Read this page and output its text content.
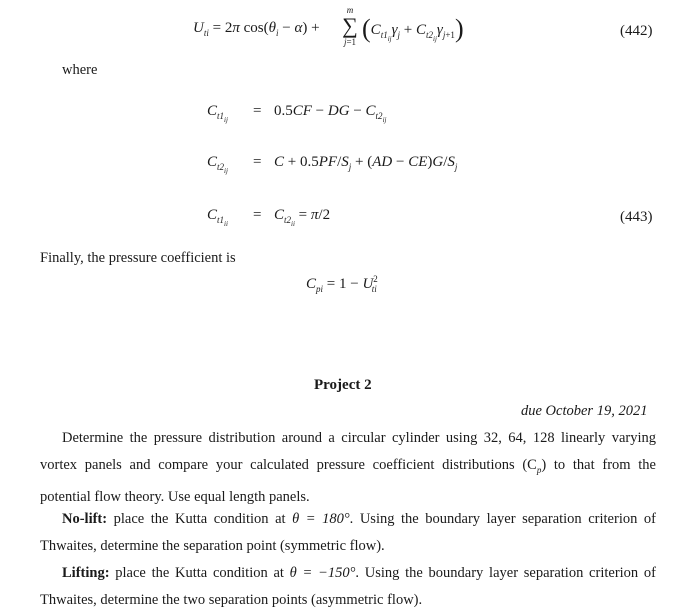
$U_{ti} = 2\pi$ $\cos(\theta_i - \alpha)$ +
m
∑
j=1 $(C_{t1_{ij}}\gamma_j + C_{t2_{ij}}\gamma_{j+1})$	(442)
where
$C_{t1_{ij}}$
= 0.5CF − DG − $C_{t2_{ij}}$
$C_{t2_{ij}}$
= $C + 0.5PF/S_j + (AD - CE)G/S_j$
$C_{t1_{ii}}$
= $C_{t2_{ii}} = \pi/2$	(443)
Finally, the pressure coefficient is
$C_{pi} = 1 - U^2_{ti}$
Project 2
due October 19, 2021
Determine the pressure distribution around a circular cylinder using 32, 64, 128 linearly varying vortex panels and compare your calculated pressure coefficient distributions $(C_p)$ to that from the potential flow theory. Use equal length panels.
No-lift: place the Kutta condition at θ = 180°. Using the boundary layer separation criterion of Thwaites, determine the separation point (symmetric flow).
Lifting: place the Kutta condition at θ = −150°. Using the boundary layer separation criterion of Thwaites, determine the two separation points (asymmetric flow).
